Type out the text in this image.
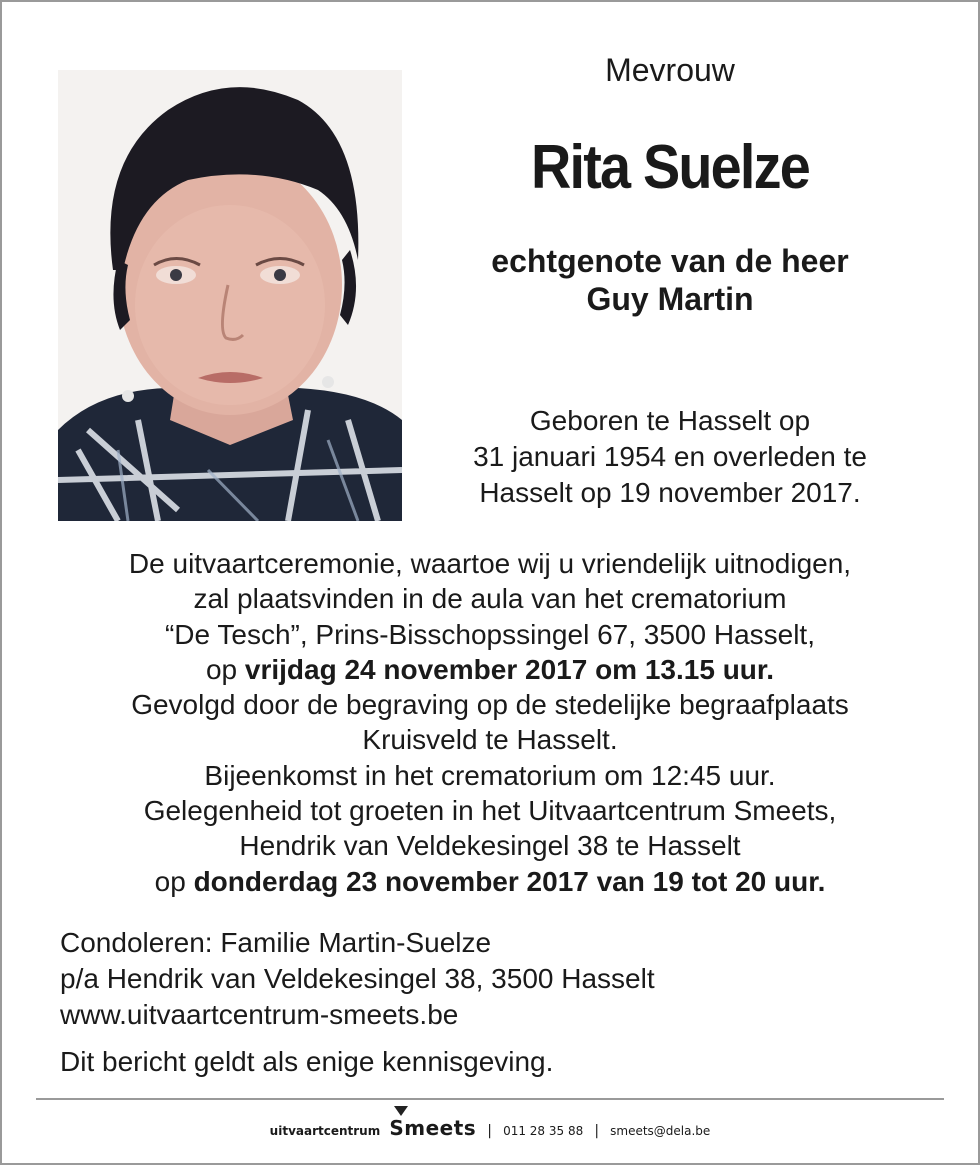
Mevrouw
Rita Suelze
echtgenote van de heer
Guy Martin
Geboren te Hasselt op
31 januari 1954 en overleden te
Hasselt op 19 november 2017.
De uitvaartceremonie, waartoe wij u vriendelijk uitnodigen,
zal plaatsvinden in de aula van het crematorium
“De Tesch”, Prins-Bisschopssingel 67, 3500 Hasselt,
op vrijdag 24 november 2017 om 13.15 uur.
Gevolgd door de begraving op de stedelijke begraafplaats
Kruisveld te Hasselt.
Bijeenkomst in het crematorium om 12:45 uur.
Gelegenheid tot groeten in het Uitvaartcentrum Smeets,
Hendrik van Veldekesingel 38 te Hasselt
op donderdag 23 november 2017 van 19 tot 20 uur.
Condoleren: Familie Martin-Suelze
p/a Hendrik van Veldekesingel 38, 3500 Hasselt
www.uitvaartcentrum-smeets.be
Dit bericht geldt als enige kennisgeving.
uitvaartcentrum Smeets | 011 28 35 88 | smeets@dela.be
